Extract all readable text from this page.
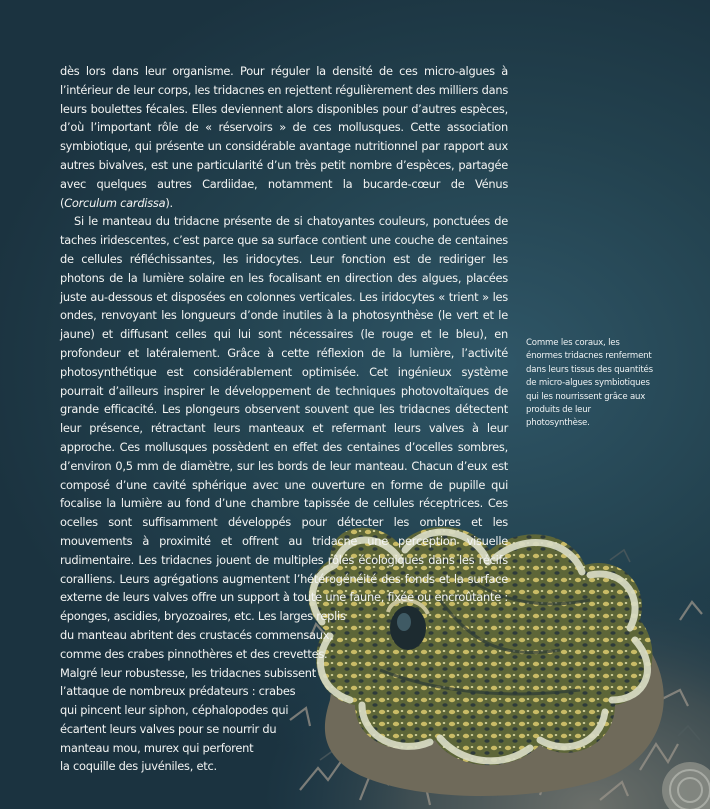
dès lors dans leur organisme. Pour réguler la densité de ces micro-algues à l’intérieur de leur corps, les tridacnes en rejettent régulièrement des milliers dans leurs boulettes fécales. Elles deviennent alors disponibles pour d’autres espèces, d’où l’important rôle de « réservoirs » de ces mollusques. Cette association symbiotique, qui présente un considérable avantage nutritionnel par rapport aux autres bivalves, est une particularité d’un très petit nombre d’espèces, partagée avec quelques autres Cardiidae, notamment la bucarde-cœur de Vénus (Corculum cardissa).

Si le manteau du tridacne présente de si chatoyantes couleurs, ponctuées de taches iridescentes, c’est parce que sa surface contient une couche de centaines de cellules réfléchissantes, les iridocytes. Leur fonction est de rediriger les photons de la lumière solaire en les focalisant en direction des algues, placées juste au-dessous et disposées en colonnes verticales. Les iridocytes « trient » les ondes, renvoyant les longueurs d’onde inutiles à la photosynthèse (le vert et le jaune) et diffusant celles qui lui sont nécessaires (le rouge et le bleu), en profondeur et latéralement. Grâce à cette réflexion de la lumière, l’activité photosynthétique est considérablement optimisée. Cet ingénieux système pourrait d’ailleurs inspirer le développement de techniques photovoltaïques de grande efficacité. Les plongeurs observent souvent que les tridacnes détectent leur présence, rétractant leurs manteaux et refermant leurs valves à leur approche. Ces mollusques possèdent en effet des centaines d’ocelles sombres, d’environ 0,5 mm de diamètre, sur les bords de leur manteau. Chacun d’eux est composé d’une cavité sphérique avec une ouverture en forme de pupille qui focalise la lumière au fond d’une chambre tapissée de cellules réceptrices. Ces ocelles sont suffisamment développés pour détecter les ombres et les mouvements à proximité et offrent au tridacne une perception visuelle rudimentaire. Les tridacnes jouent de multiples rôles écologiques dans les récifs coralliens. Leurs agrégations augmentent l’hétérogénéité des fonds et la surface externe de leurs valves offre un support à toute une faune, fixée ou encroûtante : éponges, ascidies, bryozoaires, etc. Les larges replis

du manteau abritent des crustacés commensaux,
comme des crabes pinnothères et des crevettes.
Malgré leur robustesse, les tridacnes subissent
l’attaque de nombreux prédateurs : crabes
qui pincent leur siphon, céphalopodes qui
écartent leurs valves pour se nourrir du
manteau mou, murex qui perforent
la coquille des juvéniles, etc.
Comme les coraux, les énormes tridacnes renferment dans leurs tissus des quantités de micro-algues symbiotiques qui les nourrissent grâce aux produits de leur photosynthèse.
